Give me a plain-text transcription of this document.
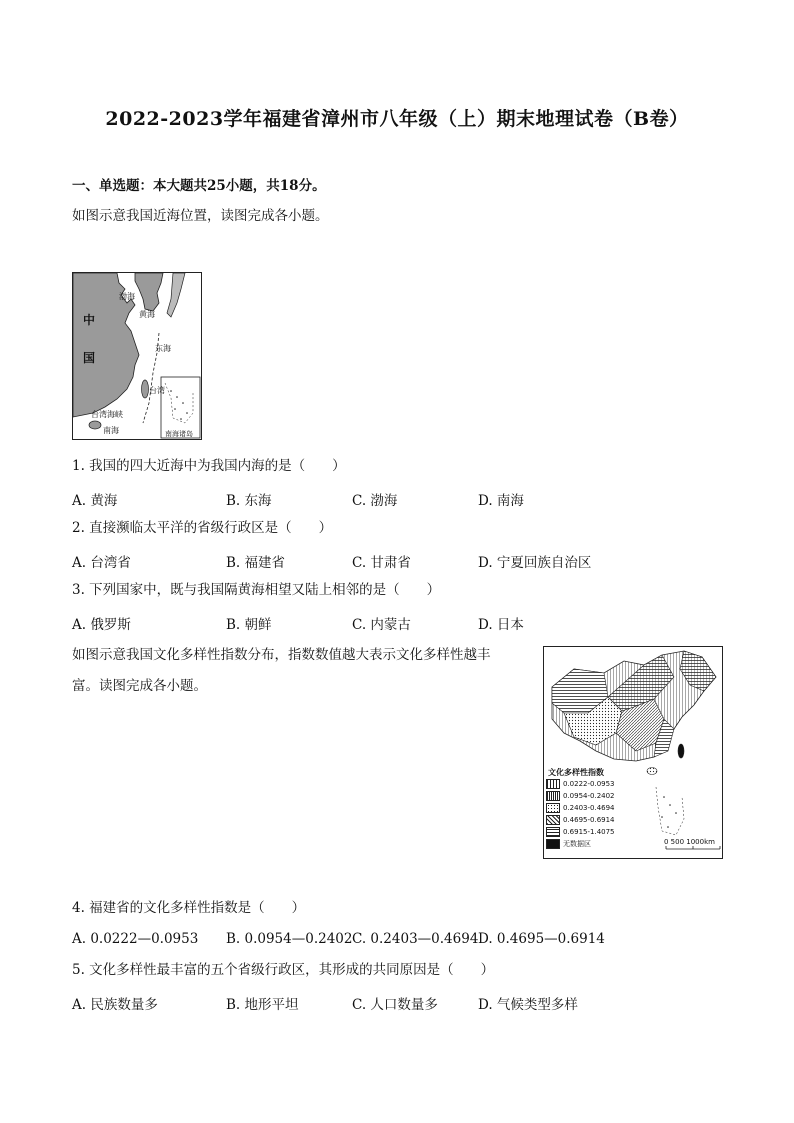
2022-2023学年福建省漳州市八年级（上）期末地理试卷（B卷）
一、单选题：本大题共25小题，共18分。
如图示意我国近海位置，读图完成各小题。
中
国
渤海
黄海
东海
台湾
台湾海峡
南海	南海诸岛
1. 我国的四大近海中为我国内海的是（　　）
A. 黄海	B. 东海	C. 渤海	D. 南海
2. 直接濒临太平洋的省级行政区是（　　）
A. 台湾省	B. 福建省	C. 甘肃省	D. 宁夏回族自治区
3. 下列国家中，既与我国隔黄海相望又陆上相邻的是（　　）
A. 俄罗斯	B. 朝鲜	C. 内蒙古	D. 日本
如图示意我国文化多样性指数分布，指数数值越大表示文化多样性越丰
富。读图完成各小题。
文化多样性指数
0.0222-0.0953
0.0954-0.2402
0.2403-0.4694
0.4695-0.6914
0.6915-1.4075
无数据区	0 500 1000km
4. 福建省的文化多样性指数是（　　）
A. 0.0222—0.0953 B. 0.0954—0.2402 C. 0.2403—0.4694 D. 0.4695—0.6914
5. 文化多样性最丰富的五个省级行政区，其形成的共同原因是（　　）
A. 民族数量多	B. 地形平坦	C. 人口数量多	D. 气候类型多样
